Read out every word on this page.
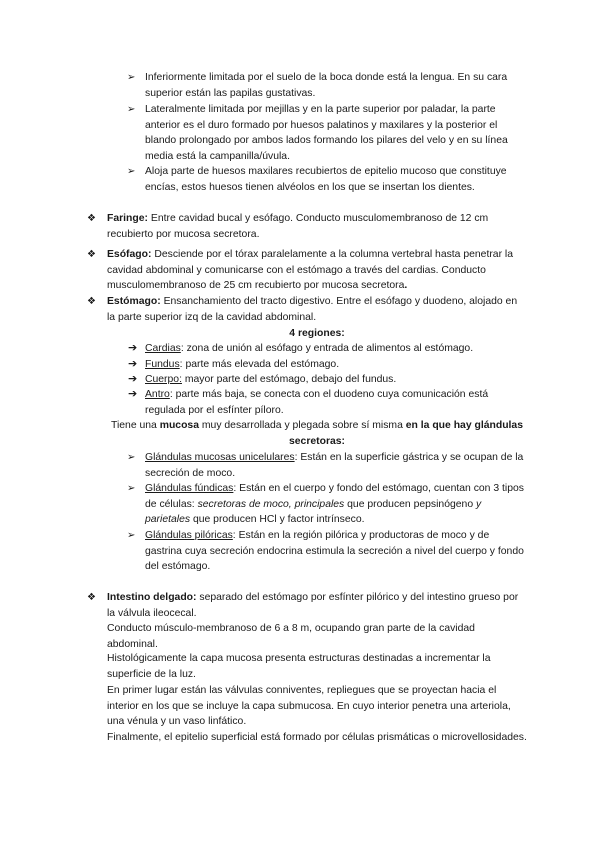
➢ Inferiormente limitada por el suelo de la boca donde está la lengua. En su cara superior están las papilas gustativas.
➢ Lateralmente limitada por mejillas y en la parte superior por paladar, la parte anterior es el duro formado por huesos palatinos y maxilares y la posterior el blando prolongado por ambos lados formando los pilares del velo y en su línea media está la campanilla/úvula.
➢ Aloja parte de huesos maxilares recubiertos de epitelio mucoso que constituye encías, estos huesos tienen alvéolos en los que se insertan los dientes.
❖ Faringe: Entre cavidad bucal y esófago. Conducto musculomembranoso de 12 cm recubierto por mucosa secretora.
❖ Esófago: Desciende por el tórax paralelamente a la columna vertebral hasta penetrar la cavidad abdominal y comunicarse con el estómago a través del cardias. Conducto musculomembranoso de 25 cm recubierto por mucosa secretora.
❖ Estómago: Ensanchamiento del tracto digestivo. Entre el esófago y duodeno, alojado en la parte superior izq de la cavidad abdominal.
4 regiones:
➔ Cardias: zona de unión al esófago y entrada de alimentos al estómago.
➔ Fundus: parte más elevada del estómago.
➔ Cuerpo: mayor parte del estómago, debajo del fundus.
➔ Antro: parte más baja, se conecta con el duodeno cuya comunicación está regulada por el esfínter píloro.
Tiene una mucosa muy desarrollada y plegada sobre sí misma en la que hay glándulas secretoras:
➢ Glándulas mucosas unicelulares: Están en la superficie gástrica y se ocupan de la secreción de moco.
➢ Glándulas fúndicas: Están en el cuerpo y fondo del estómago, cuentan con 3 tipos de células: secretoras de moco, principales que producen pepsinógeno y parietales que producen HCl y factor intrínseco.
➢ Glándulas pilóricas: Están en la región pilórica y productoras de moco y de gastrina cuya secreción endocrina estimula la secreción a nivel del cuerpo y fondo del estómago.
❖ Intestino delgado: separado del estómago por esfínter pilórico y del intestino grueso por la válvula ileocecal.
Conducto músculo-membranoso de 6 a 8 m, ocupando gran parte de la cavidad abdominal.
Histológicamente la capa mucosa presenta estructuras destinadas a incrementar la superficie de la luz.
En primer lugar están las válvulas conniventes, repliegues que se proyectan hacia el interior en los que se incluye la capa submucosa. En cuyo interior penetra una arteriola, una vénula y un vaso linfático.
Finalmente, el epitelio superficial está formado por células prismáticas o microvellosidades.
